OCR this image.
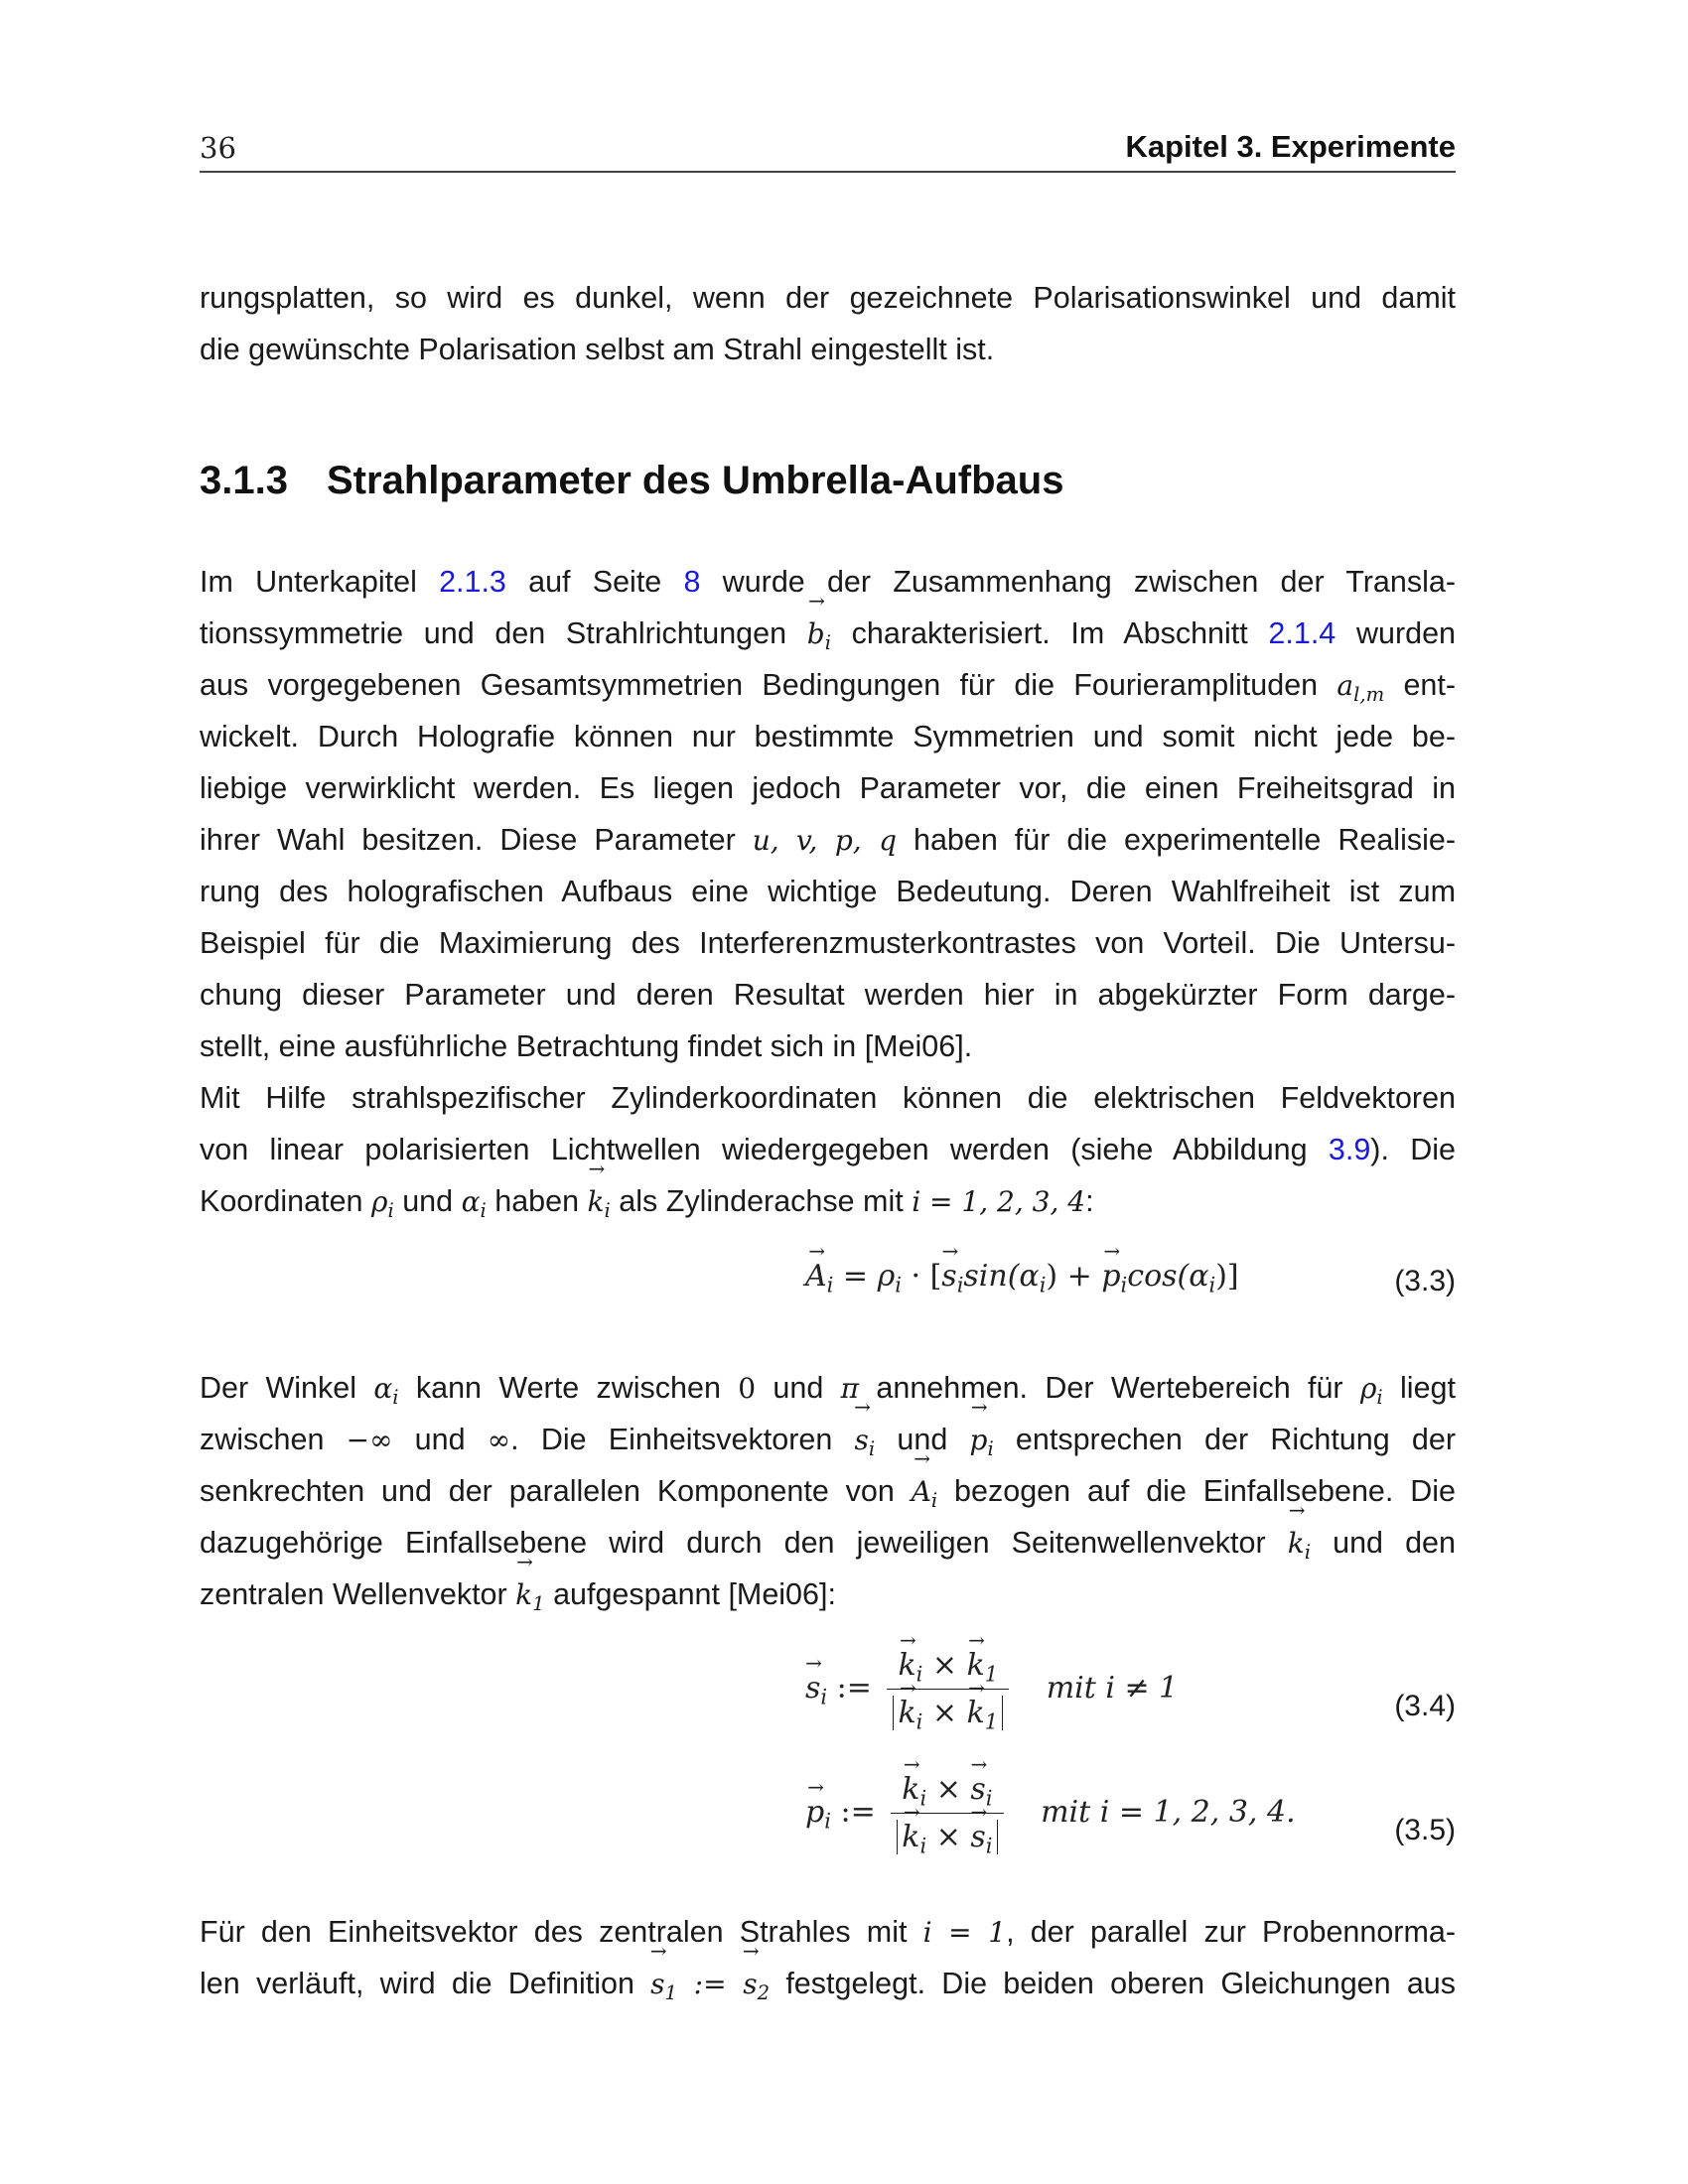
36	Kapitel 3. Experimente
rungsplatten, so wird es dunkel, wenn der gezeichnete Polarisationswinkel und damit
die gewünschte Polarisation selbst am Strahl eingestellt ist.
3.1.3 Strahlparameter des Umbrella-Aufbaus
Im Unterkapitel 2.1.3 auf Seite 8 wurde der Zusammenhang zwischen der Transla-
tionssymmetrie und den Strahlrichtungen → $b_i$ charakterisiert. Im Abschnitt 2.1.4 wurden
aus vorgegebenen Gesamtsymmetrien Bedingungen für die Fourieramplituden $a_{l,m}$ ent-
wickelt. Durch Holografie können nur bestimmte Symmetrien und somit nicht jede be-
liebige verwirklicht werden. Es liegen jedoch Parameter vor, die einen Freiheitsgrad in
ihrer Wahl besitzen. Diese Parameter u, v, p, q haben für die experimentelle Realisie-
rung des holografischen Aufbaus eine wichtige Bedeutung. Deren Wahlfreiheit ist zum
Beispiel für die Maximierung des Interferenzmusterkontrastes von Vorteil. Die Untersu-
chung dieser Parameter und deren Resultat werden hier in abgekürzter Form darge-
stellt, eine ausführliche Betrachtung findet sich in [Mei06].
Mit Hilfe strahlspezifischer Zylinderkoordinaten können die elektrischen Feldvektoren
von linear polarisierten Lichtwellen wiedergegeben werden (siehe Abbildung 3.9). Die
Koordinaten $\rho_i$ und $\alpha_i$ haben → $k_i$ als Zylinderachse mit i = 1, 2, 3, 4:
→ $A_i = \rho_i$ · [→ $s_i\sin(\alpha_i)$ + → $p_i\cos(\alpha_i)$]	(3.3)
Der Winkel $\alpha_i$ kann Werte zwischen 0 und π annehmen. Der Wertebereich für $\rho_i$ liegt
zwischen −∞ und ∞. Die Einheitsvektoren → $s_i$ und → $p_i$ entsprechen der Richtung der
senkrechten und der parallelen Komponente von → $A_i$ bezogen auf die Einfallsebene. Die
dazugehörige Einfallsebene wird durch den jeweiligen Seitenwellenvektor → $k_i$ und den
zentralen Wellenvektor → $k_1$ aufgespannt [Mei06]:
→ $s_i$ := → $k_i$ × → $k_1$
→ $k_i$ × → $k_1$ mit i ≠ 1
(3.4)
→ $p_i$ := → $k_i$ × → $s_i$
→ $k_i$ × → $s_i$ mit i = 1, 2, 3, 4.
(3.5)
Für den Einheitsvektor des zentralen Strahles mit i = 1, der parallel zur Probennorma-
len verläuft, wird die Definition → $s_1$ := → $s_2$ festgelegt. Die beiden oberen Gleichungen aus
